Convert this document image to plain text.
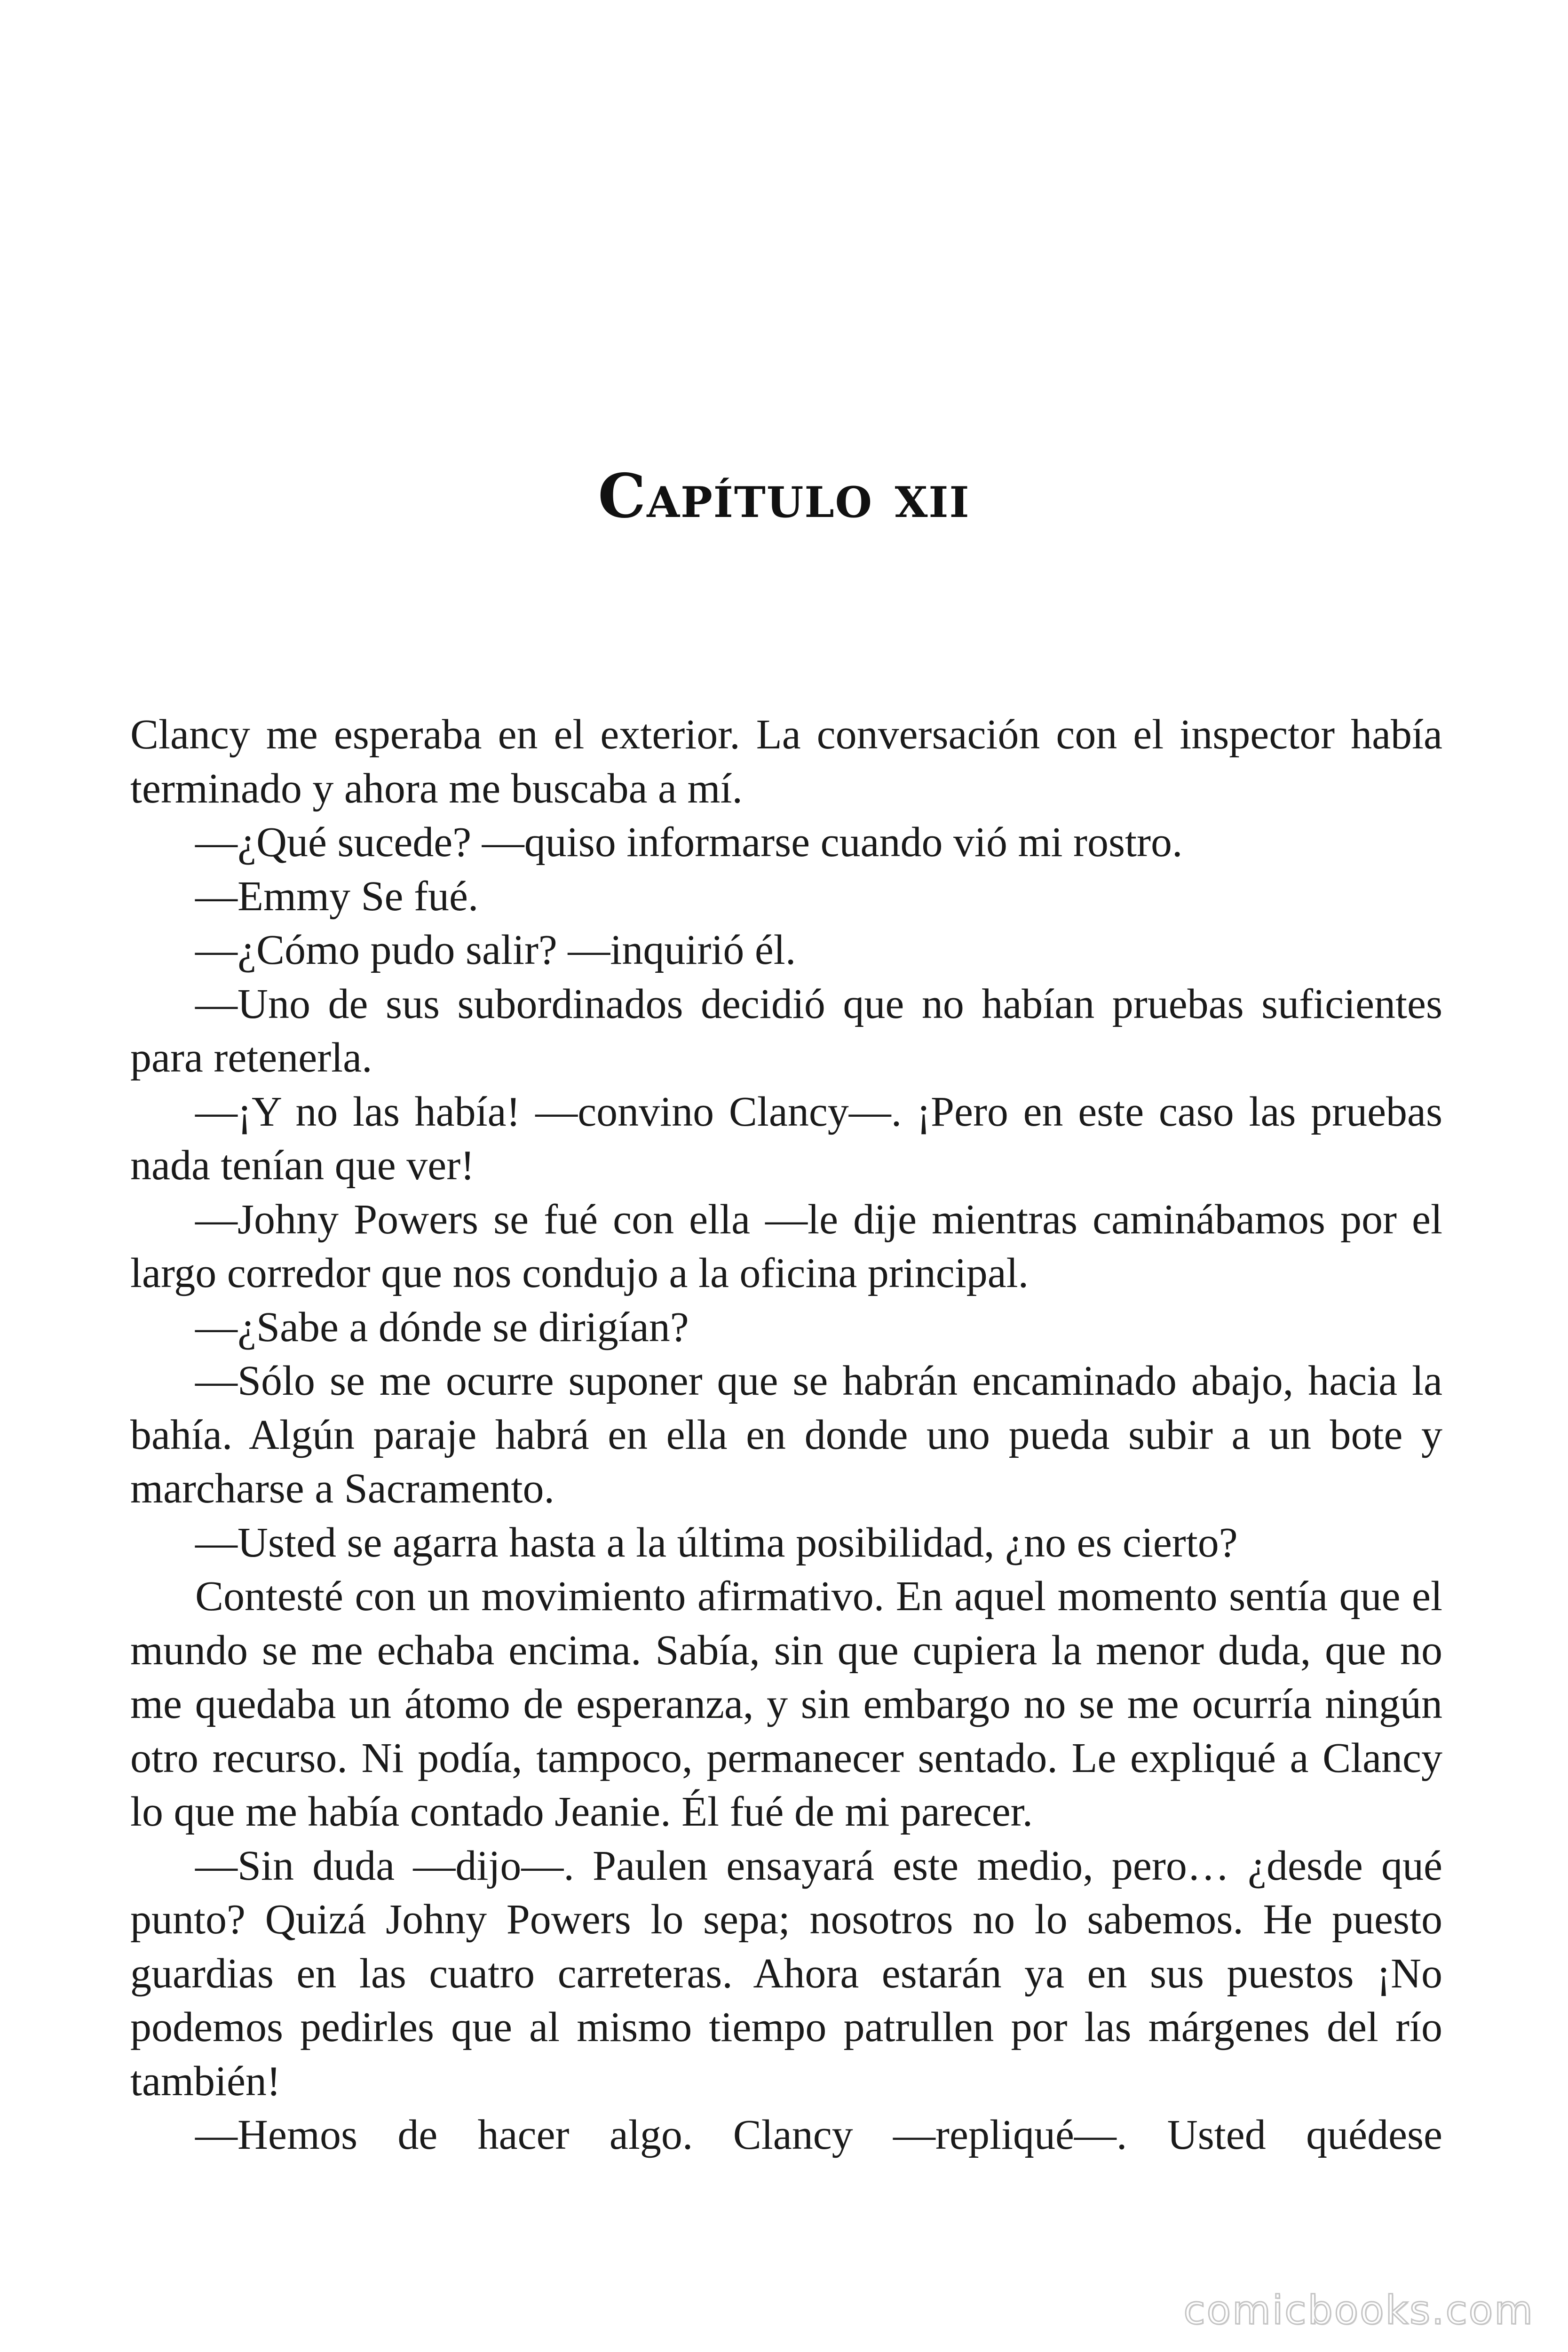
Capítulo xii

Clancy me esperaba en el exterior. La conversación con el inspector había terminado y ahora me buscaba a mí.

—¿Qué sucede? —quiso informarse cuando vió mi rostro.

—Emmy Se fué.

—¿Cómo pudo salir? —inquirió él.

—Uno de sus subordinados decidió que no habían pruebas suficientes para retenerla.

—¡Y no las había! —convino Clancy—. ¡Pero en este caso las pruebas nada tenían que ver!

—Johny Powers se fué con ella —le dije mientras caminábamos por el largo corredor que nos condujo a la oficina principal.

—¿Sabe a dónde se dirigían?

—Sólo se me ocurre suponer que se habrán encaminado abajo, hacia la bahía. Algún paraje habrá en ella en donde uno pueda subir a un bote y marcharse a Sacramento.

—Usted se agarra hasta a la última posibilidad, ¿no es cierto?

Contesté con un movimiento afirmativo. En aquel momento sentía que el mundo se me echaba encima. Sabía, sin que cupiera la menor duda, que no me quedaba un átomo de esperanza, y sin embargo no se me ocurría ningún otro recurso. Ni podía, tampoco, permanecer sentado. Le expliqué a Clancy lo que me había contado Jeanie. Él fué de mi parecer.

—Sin duda —dijo—. Paulen ensayará este medio, pero… ¿desde qué punto? Quizá Johny Powers lo sepa; nosotros no lo sabemos. He puesto guardias en las cuatro carreteras. Ahora estarán ya en sus puestos ¡No podemos pedirles que al mismo tiempo patrullen por las márgenes del río también!

—Hemos de hacer algo. Clancy —repliqué—. Usted quédese

comicbooks.com
